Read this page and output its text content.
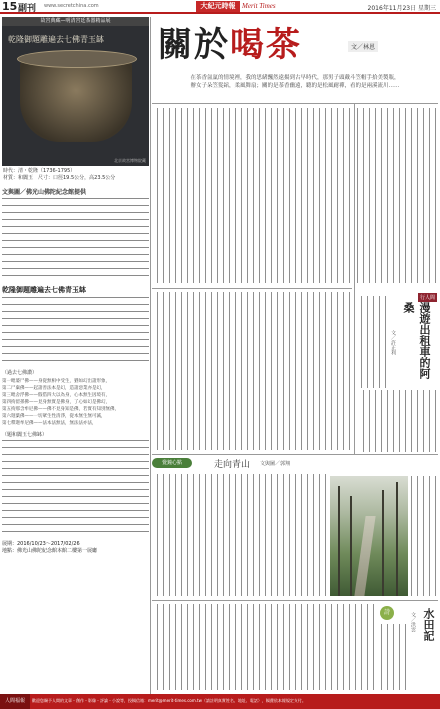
15 副刊 www.secretchina.com	大紀元時報 Merit Times	2016年11月23日 星期三
故宮典藏—明清宮廷茶器精品展
乾隆御題雕遍去七佛青玉缽
北京故宮博物院藏
時代：清・乾隆（1736-1795）
材質：和闐玉　尺寸：口徑19.5公分，高23.5公分
文與圖／佛光山佛陀紀念館提供
乾隆御題雕遍去七佛青玉缽
（過去七佛讚）
第一毗婆尸佛——身從無相中受生，猶如幻出諸形象，
第二尸棄佛——起諸善法本是幻，造諸惡業亦是幻，
第三毗舍浮佛——假借四大以為身，心本無生因境有，
第四拘留孫佛——見身無實是佛身，了心如幻是佛幻，
第五拘那含牟尼佛——佛不見身知是佛，若實有知別無佛，
第六迦葉佛——一切眾生性清淨，從本無生無可滅，
第七釋迦牟尼佛——法本法無法，無法法亦法，
（題和闐玉七佛缽）
展期：2016/10/23～2017/02/26
地點：佛光山佛陀紀念館本館二樓第一展廳
關於喝茶	文／林恩
在茶香氤氳的情境裡，我的思緒飄然遠揚到古早時代，那男子頭戴斗笠帽手拾美製瓶，
辦女子朵笠髮綰，柔風舞扇；關的是茶香幽遠，聽的是松風耐禪，看的是兩溪流川……
行人間
漫遊出租車的阿桑
文／許正利
覺鐘心點	走向青山 文與圖／郭翔
詩	水田記
文／洪雲
人間福報	歡迎您賜予人間的文章・創作・影像・評論・小說等，投稿信箱：merit@merit-times.com.tw（請註明真實姓名、地址、電話），稿費依本報規定支付。
